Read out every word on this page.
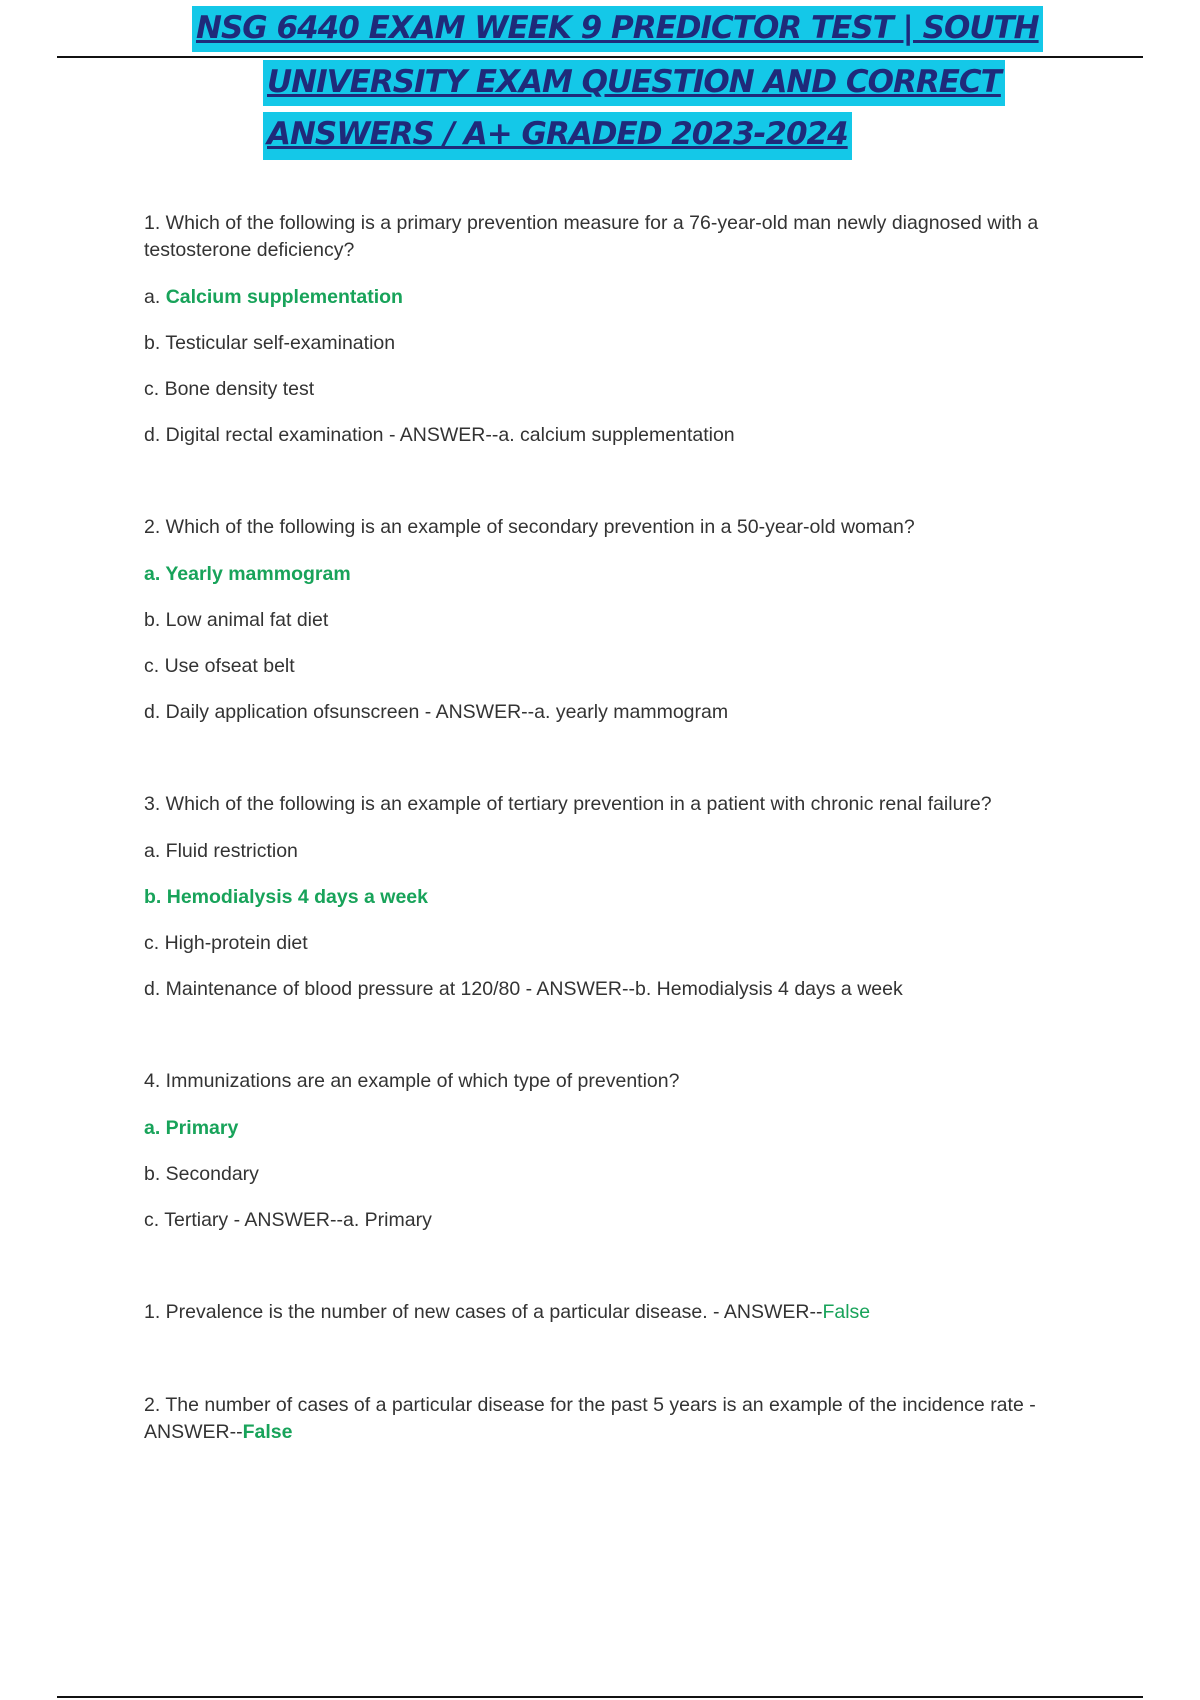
NSG 6440 EXAM WEEK 9 PREDICTOR TEST | SOUTH
UNIVERSITY EXAM QUESTION AND CORRECT
ANSWERS / A+ GRADED 2023-2024

1. Which of the following is a primary prevention measure for a 76-year-old man newly diagnosed with a testosterone deficiency?

a. Calcium supplementation

b. Testicular self-examination

c. Bone density test

d. Digital rectal examination - ANSWER--a. calcium supplementation

2. Which of the following is an example of secondary prevention in a 50-year-old woman?

a. Yearly mammogram

b. Low animal fat diet

c. Use ofseat belt

d. Daily application ofsunscreen - ANSWER--a. yearly mammogram

3. Which of the following is an example of tertiary prevention in a patient with chronic renal failure?

a. Fluid restriction

b. Hemodialysis 4 days a week

c. High-protein diet

d. Maintenance of blood pressure at 120/80 - ANSWER--b. Hemodialysis 4 days a week

4. Immunizations are an example of which type of prevention?

a. Primary

b. Secondary

c. Tertiary - ANSWER--a. Primary

1. Prevalence is the number of new cases of a particular disease. - ANSWER--False

2. The number of cases of a particular disease for the past 5 years is an example of the incidence rate - ANSWER--False
